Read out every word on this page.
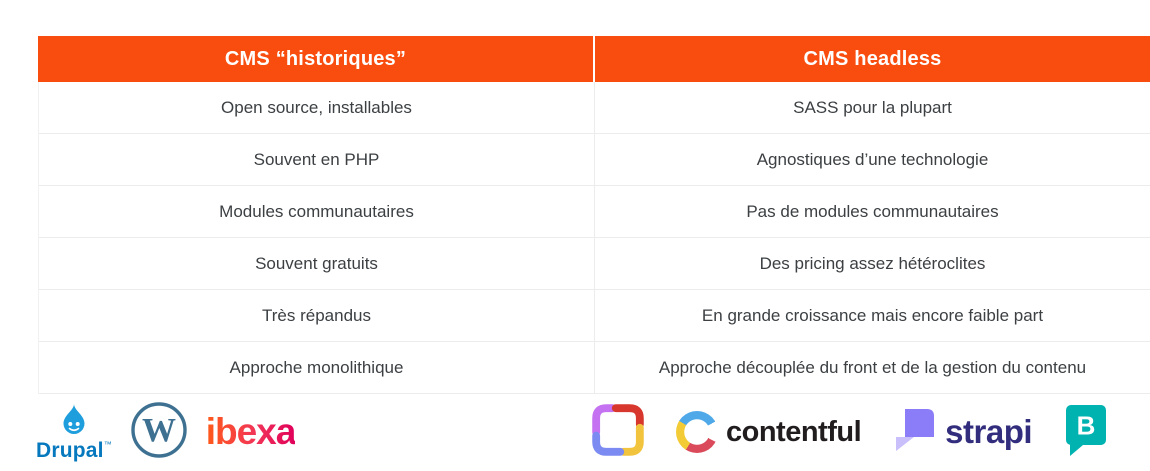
CMS “historiques”	CMS headless
Open source, installables	SASS pour la plupart
Souvent en PHP	Agnostiques d’une technologie
Modules communautaires	Pas de modules communautaires
Souvent gratuits	Des pricing assez hétéroclites
Très répandus	En grande croissance mais encore faible part
Approche monolithique	Approche découplée du front et de la gestion du contenu
Drupal™ W ibexa	contentful	strapi B
